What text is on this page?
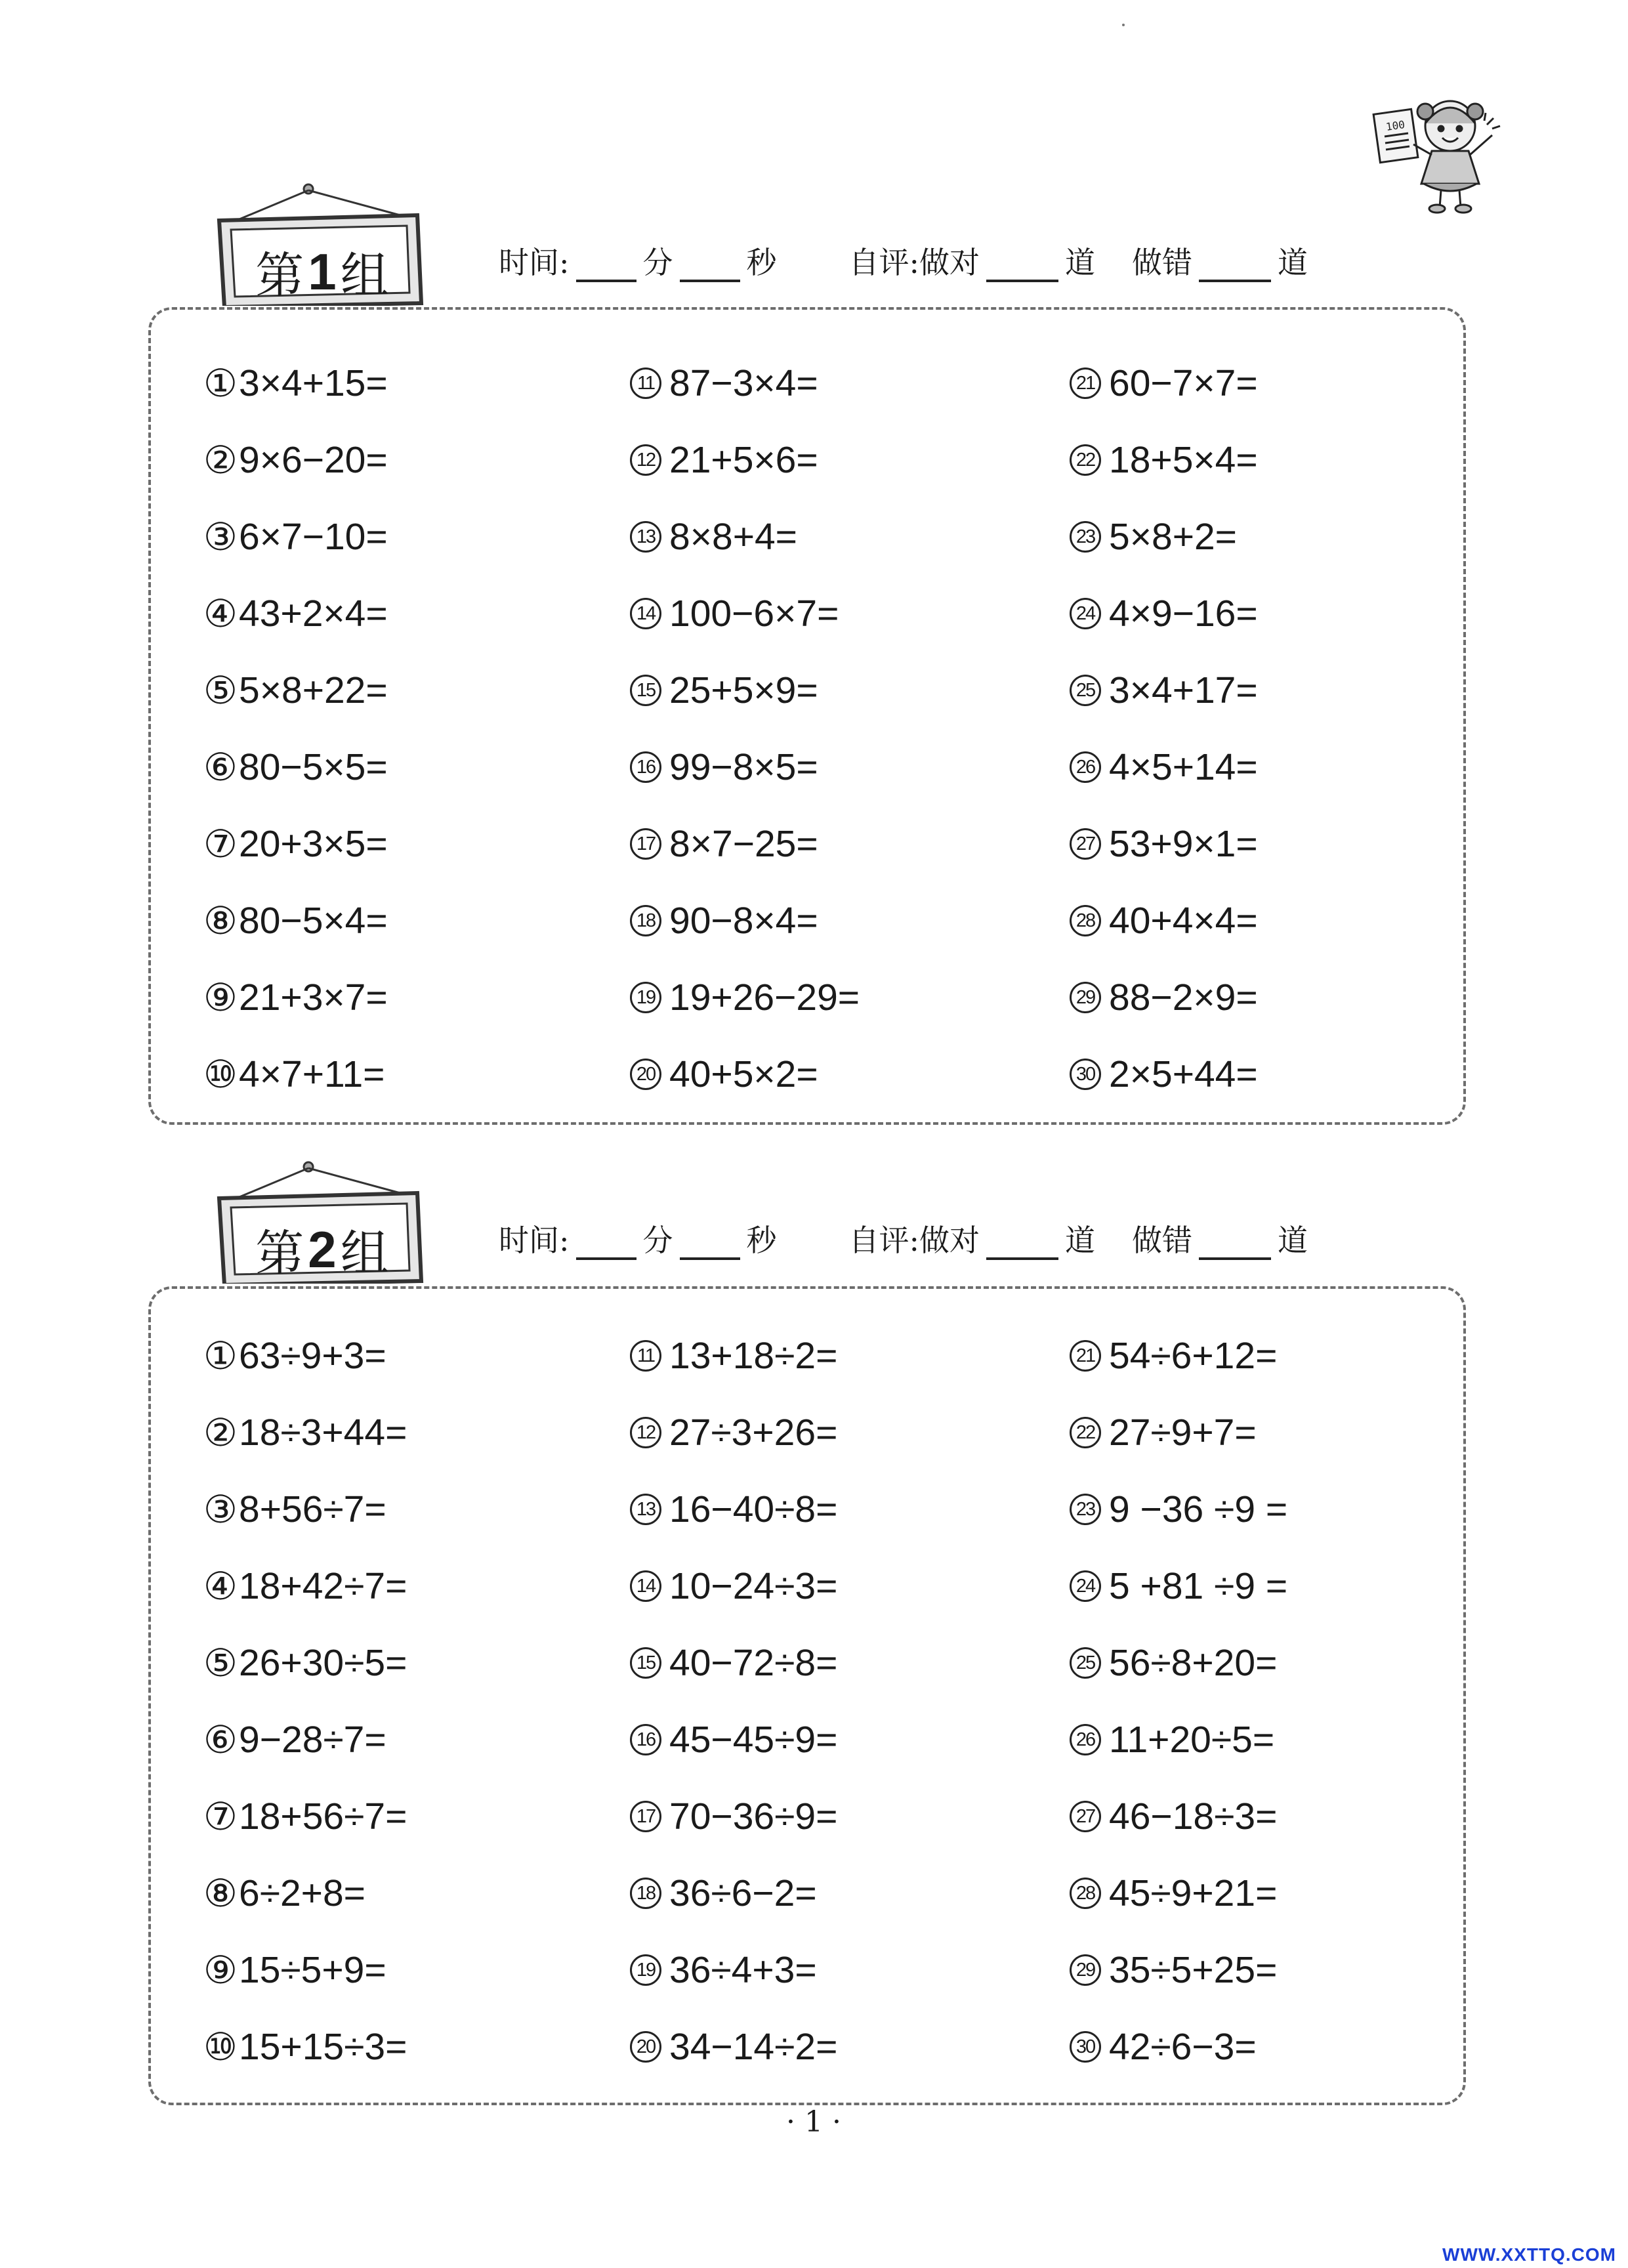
100
第 1 组	时间: 分 秒 自评:做对	道 做错	道
① 3×4+15=
② 9×6−20=
③ 6×7−10=
④ 43+2×4=
⑤ 5×8+22=
⑥ 80−5×5=
⑦ 20+3×5=
⑧ 80−5×4=
⑨ 21+3×7=
⑩ 4×7+11=
11 87−3×4=
12 21+5×6=
13 8×8+4=
14 100−6×7=
15 25+5×9=
16 99−8×5=
17 8×7−25=
18 90−8×4=
19 19+26−29=
20 40+5×2=
21 60−7×7=
22 18+5×4=
23 5×8+2=
24 4×9−16=
25 3×4+17=
26 4×5+14=
27 53+9×1=
28 40+4×4=
29 88−2×9=
30 2×5+44=
第 2 组	时间: 分 秒 自评:做对	道 做错	道
① 63÷9+3=
② 18÷3+44=
③ 8+56÷7=
④ 18+42÷7=
⑤ 26+30÷5=
⑥ 9−28÷7=
⑦ 18+56÷7=
⑧ 6÷2+8=
⑨ 15÷5+9=
⑩ 15+15÷3=
11 13+18÷2=
12 27÷3+26=
13 16−40÷8=
14 10−24÷3=
15 40−72÷8=
16 45−45÷9=
17 70−36÷9=
18 36÷6−2=
19 36÷4+3=
20 34−14÷2=
21 54÷6+12=
22 27÷9+7=
23 9 −36 ÷9 =
24 5 +81 ÷9 =
25 56÷8+20=
26 11+20÷5=
27 46−18÷3=
28 45÷9+21=
29 35÷5+25=
30 42÷6−3=
· 1 ·
WWW.XXTTQ.COM
